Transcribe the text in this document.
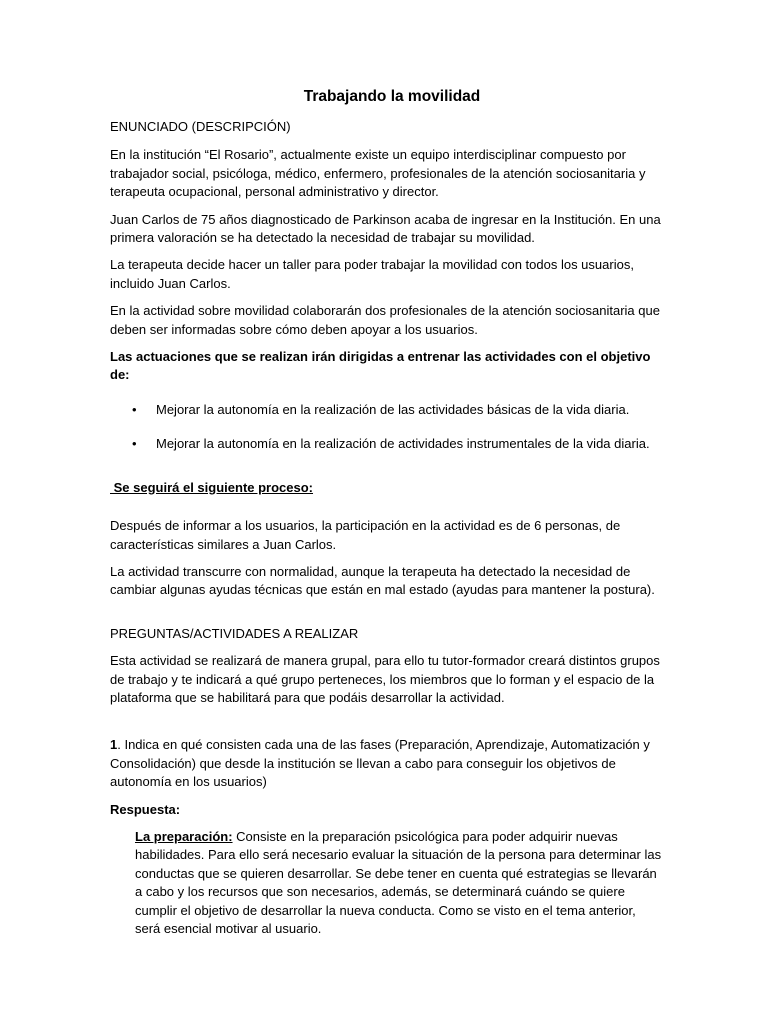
Trabajando la movilidad

ENUNCIADO (DESCRIPCIÓN)

En la institución “El Rosario”, actualmente existe un equipo interdisciplinar compuesto por trabajador social, psicóloga, médico, enfermero, profesionales de la atención sociosanitaria y terapeuta ocupacional, personal administrativo y director.

Juan Carlos de 75 años diagnosticado de Parkinson acaba de ingresar en la Institución. En una primera valoración se ha detectado la necesidad de trabajar su movilidad.

La terapeuta decide hacer un taller para poder trabajar la movilidad con todos los usuarios, incluido Juan Carlos.

En la actividad sobre movilidad colaborarán dos profesionales de la atención sociosanitaria que deben ser informadas sobre cómo deben apoyar a los usuarios.

Las actuaciones que se realizan irán dirigidas a entrenar las actividades con el objetivo de:

• Mejorar la autonomía en la realización de las actividades básicas de la vida diaria.
• Mejorar la autonomía en la realización de actividades instrumentales de la vida diaria.

Se seguirá el siguiente proceso:

Después de informar a los usuarios, la participación en la actividad es de 6 personas, de características similares a Juan Carlos.

La actividad transcurre con normalidad, aunque la terapeuta ha detectado la necesidad de cambiar algunas ayudas técnicas que están en mal estado (ayudas para mantener la postura).

PREGUNTAS/ACTIVIDADES A REALIZAR

Esta actividad se realizará de manera grupal, para ello tu tutor-formador creará distintos grupos de trabajo y te indicará a qué grupo perteneces, los miembros que lo forman y el espacio de la plataforma que se habilitará para que podáis desarrollar la actividad.

1. Indica en qué consisten cada una de las fases (Preparación, Aprendizaje, Automatización y Consolidación) que desde la institución se llevan a cabo para conseguir los objetivos de autonomía en los usuarios)

Respuesta:

La preparación: Consiste en la preparación psicológica para poder adquirir nuevas habilidades. Para ello será necesario evaluar la situación de la persona para determinar las conductas que se quieren desarrollar. Se debe tener en cuenta qué estrategias se llevarán a cabo y los recursos que son necesarios, además, se determinará cuándo se quiere cumplir el objetivo de desarrollar la nueva conducta. Como se visto en el tema anterior, será esencial motivar al usuario.
